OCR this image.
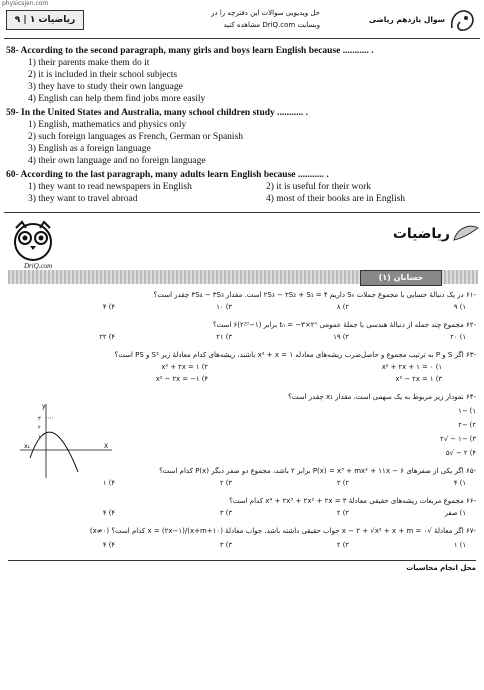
physicsjen.com
ریاضیات ۱ | ۹
حل ویدیویی سوالات این دفترچه را در
وبسایت DriQ.com مشاهده کنید
سوال یازدهم ریاضی
58- According to the second paragraph, many girls and boys learn English because ........... .
1) their parents make them do it
2) it is included in their school subjects
3) they have to study their own language
4) English can help them find jobs more easily
59- In the United States and Australia, many school children study ........... .
1) English, mathematics and physics only
2) such foreign languages as French, German or Spanish
3) English as a foreign language
4) their own language and no foreign language
60- According to the last paragraph, many adults learn English because ........... .
1) they want to read newspapers in English	2) it is useful for their work
3) they want to travel abroad	4) most of their books are in English
DriQ.com
ریاضیات
حسابان (۱)
-۶۱ در یک دنبالهٔ حسابی با مجموع جملات Sₙ داریم ۴ = ۲S₃ − ۲S₂ + S₁ است. مقدار ۴S₄ − ۳S₃ چقدر است؟
۱) ۹
۲) ۸
۳) ۱۰
۴) ۴
-۶۲ مجموع چند جمله از دنبالهٔ هندسی با جملهٔ عمومی tₙ = −۳×۲ⁿ برابر (۱−۲⁲⁰)۶ است؟
۱) ۲۰
۲) ۱۹
۳) ۲۱
۴) ۲۲
-۶۳ اگر S و P به ترتیب مجموع و حاصل‌ضرب ریشه‌های معادله x² + x = ۱ باشند، ریشه‌های کدام معادلهٔ زیر S² و PS است؟
۱) x² + ۲x + ۱ = ۰
۲) x² + ۲x = ۱
۳) x² − ۲x = ۱
۴) x² − ۲x = −۱
-۶۴ نمودار زیر مربوط به یک سهمی است، مقدار x₁ چقدر است؟
۱) −۱
۲) −۲
۳) −۱ − √۲
۴) ۲ − √۵
y
X
x₁
۳
۲
۱
-۶۵ اگر یکی از صفرهای P(x) = x³ + mx² + ۱۱x − ۶ برابر ۲ باشد، مجموع دو صفر دیگر P(x) کدام است؟
۱) ۴
۲) ۳
۳) ۲
۴) ۱
-۶۶ مجموع مربعات ریشه‌های حقیقی معادلهٔ x⁴ + ۲x³ + ۲x² + ۲x = ۳ کدام است؟
۱) صفر
۲) ۲
۳) ۳
۴) ۴
-۶۷ اگر معادلهٔ √x − ۲ + √x² + x + m = ۰ جواب حقیقی داشته باشد، جواب معادلهٔ x = (۲x−۱)/(x+m+۱۰) کدام است؟ (x≠۰)
۱) ۱
۲) ۲
۳) ۳
۴) ۴
محل انجام محاسبات
